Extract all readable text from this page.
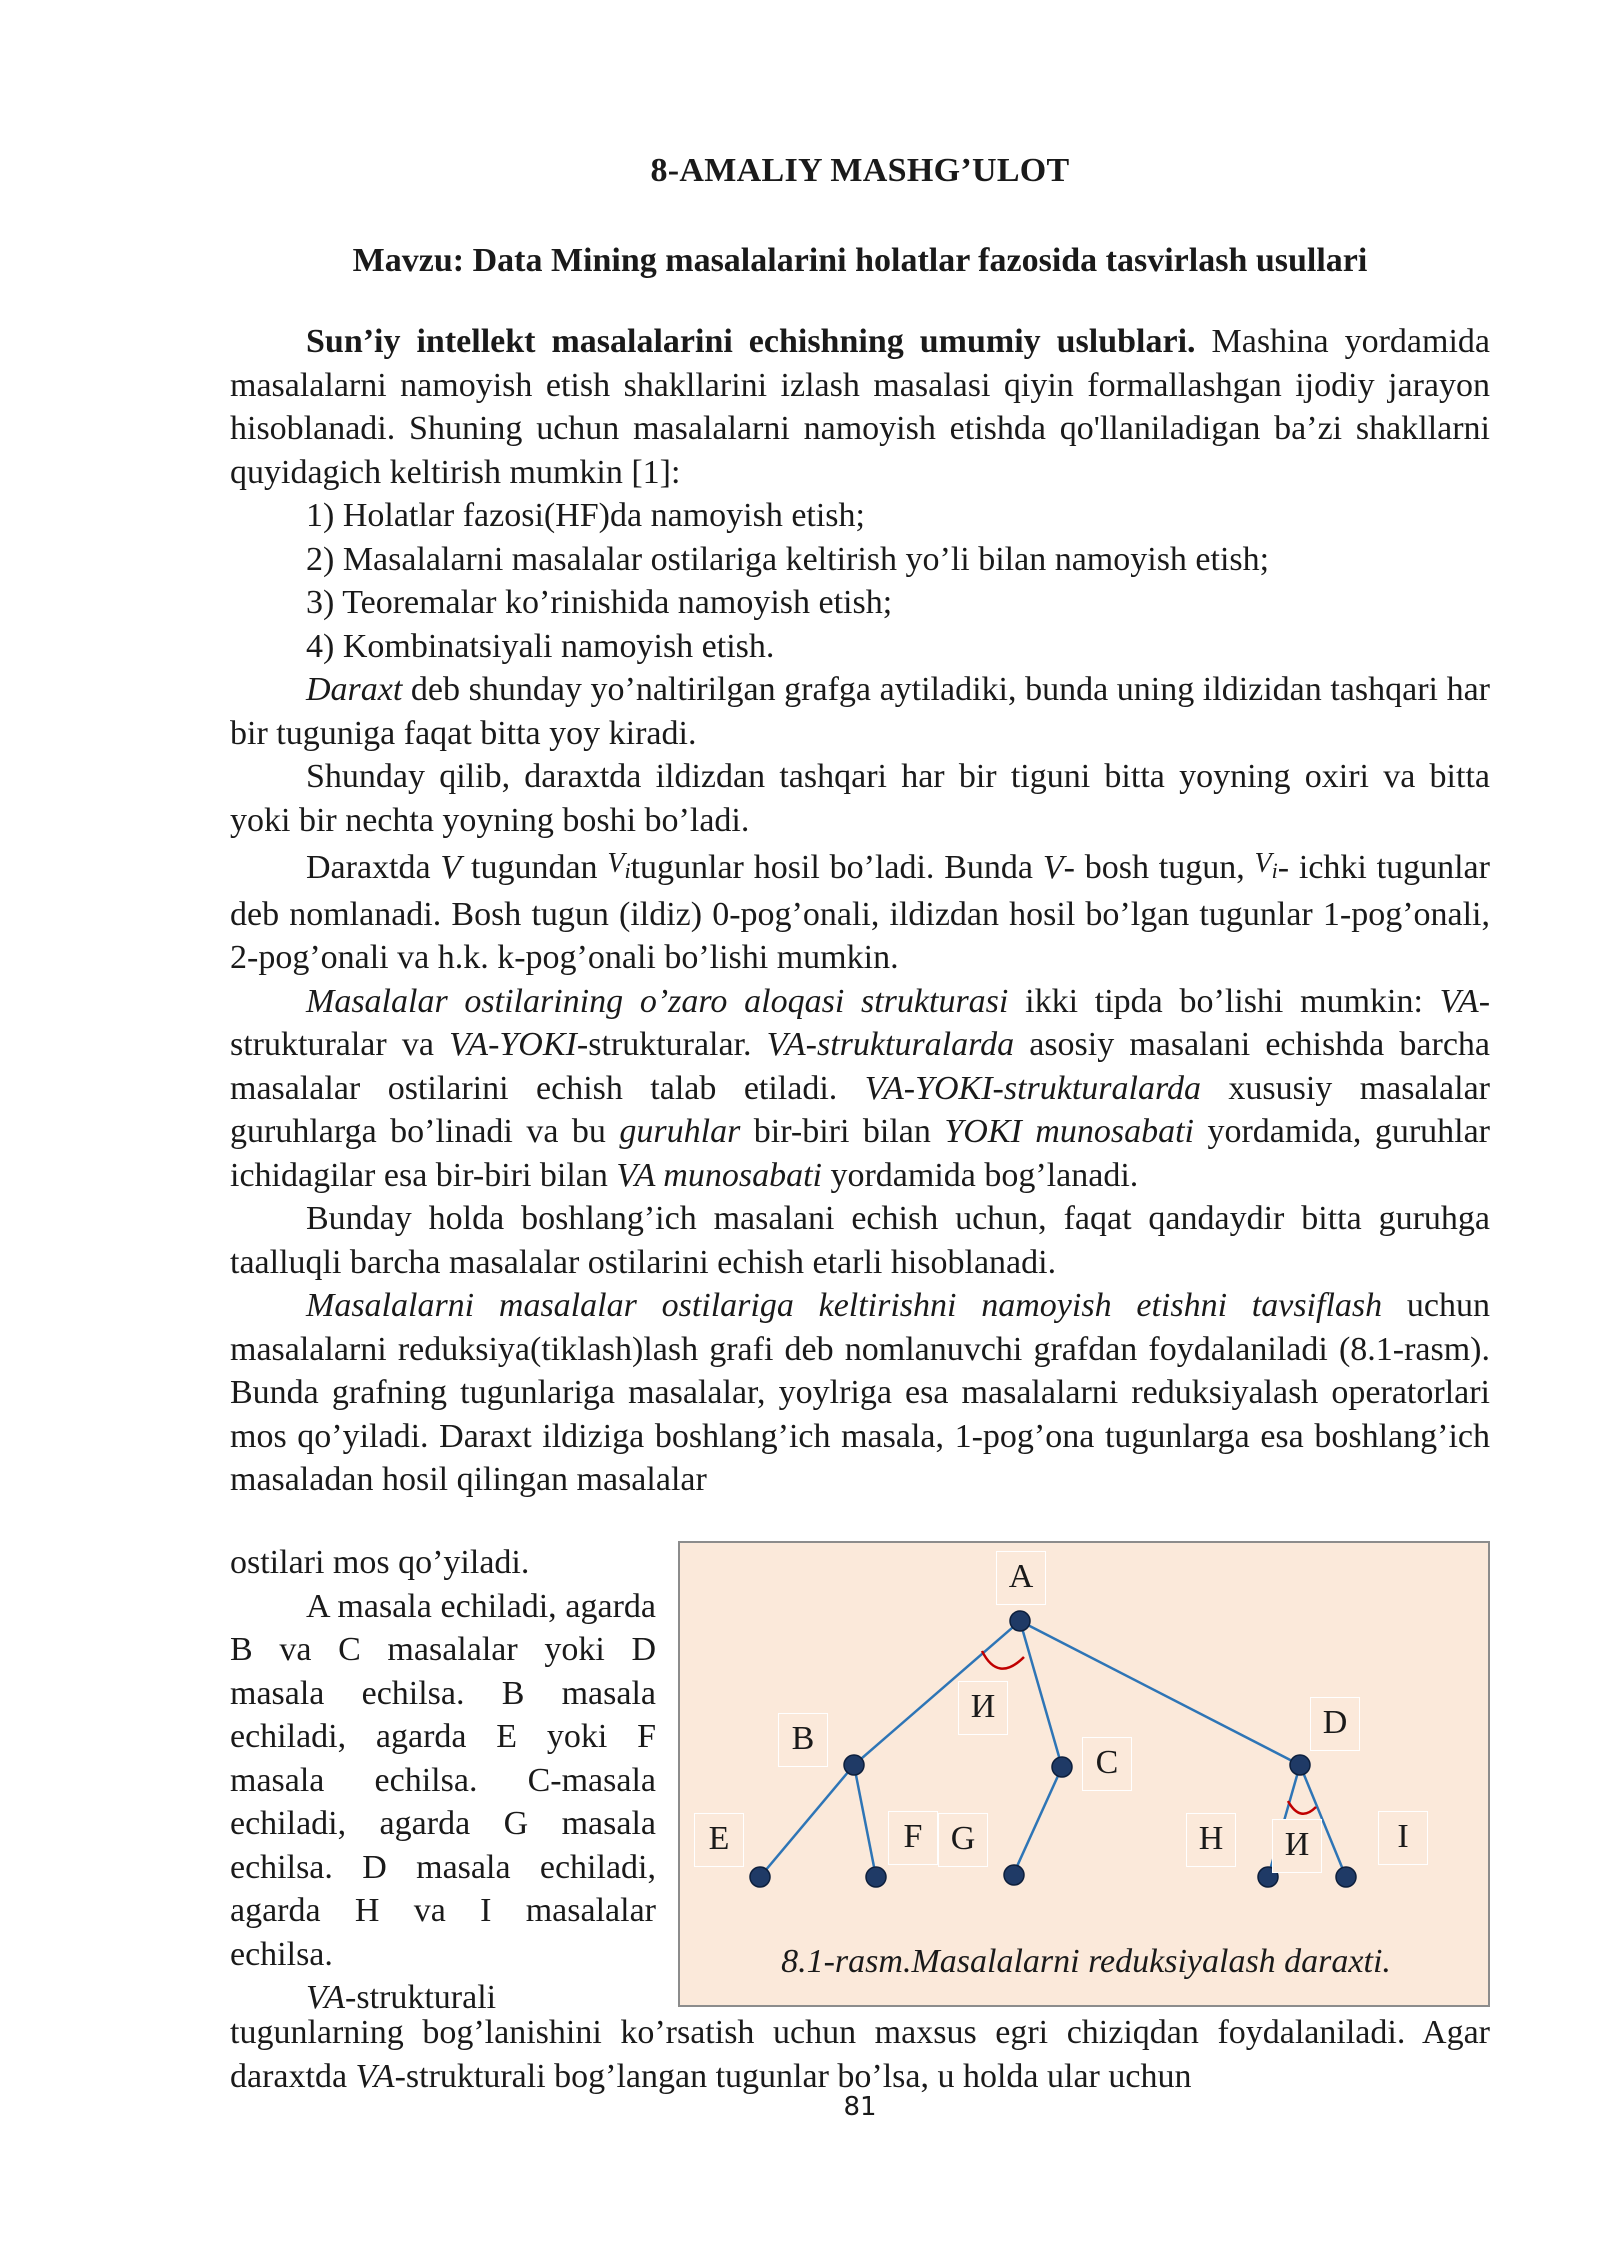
8-AMALIY MASHG’ULOT
Mavzu: Data Mining masalalarini holatlar fazosida tasvirlash usullari

Sun’iy intellekt masalalarini echishning umumiy uslublari. Mashina yordamida masalalarni namoyish etish shakllarini izlash masalasi qiyin formallashgan ijodiy jarayon hisoblanadi. Shuning uchun masalalarni namoyish etishda qo'llaniladigan ba’zi shakllarni quyidagich keltirish mumkin [1]:

1) Holatlar fazosi(HF)da namoyish etish;
2) Masalalarni masalalar ostilariga keltirish yo’li bilan namoyish etish;
3) Teoremalar ko’rinishida namoyish etish;
4) Kombinatsiyali namoyish etish.

Daraxt deb shunday yo’naltirilgan grafga aytiladiki, bunda uning ildizidan tashqari har bir tuguniga faqat bitta yoy kiradi.

Shunday qilib, daraxtda ildizdan tashqari har bir tiguni bitta yoyning oxiri va bitta yoki bir nechta yoyning boshi bo’ladi.

Daraxtda V tugundan $V_itugunlar$ hosil bo’ladi. Bunda V- bosh tugun, $V_i-$ ichki tugunlar deb nomlanadi. Bosh tugun (ildiz) 0-pog’onali, ildizdan hosil bo’lgan tugunlar 1-pog’onali, 2-pog’onali va h.k. k-pog’onali bo’lishi mumkin.

Masalalar ostilarining o’zaro aloqasi strukturasi ikki tipda bo’lishi mumkin: VA-strukturalar va VA-YOKI-strukturalar. VA-strukturalarda asosiy masalani echishda barcha masalalar ostilarini echish talab etiladi. VA-YOKI-strukturalarda xususiy masalalar guruhlarga bo’linadi va bu guruhlar bir-biri bilan YOKI munosabati yordamida, guruhlar ichidagilar esa bir-biri bilan VA munosabati yordamida bog’lanadi.

Bunday holda boshlang’ich masalani echish uchun, faqat qandaydir bitta guruhga taalluqli barcha masalalar ostilarini echish etarli hisoblanadi.

Masalalarni masalalar ostilariga keltirishni namoyish etishni tavsiflash uchun masalalarni reduksiya(tiklash)lash grafi deb nomlanuvchi grafdan foydalaniladi (8.1-rasm). Bunda grafning tugunlariga masalalar, yoylriga esa masalalarni reduksiyalash operatorlari mos qo’yiladi. Daraxt ildiziga boshlang’ich masala, 1-pog’ona tugunlarga esa boshlang’ich masaladan hosil qilingan masalalar

ostilari mos qo’yiladi.

A masala echiladi, agarda B va C masalalar yoki D masala echilsa. B masala echiladi, agarda E yoki F masala echilsa. C-masala echiladi, agarda G masala echilsa. D masala echiladi, agarda H va I masalalar echilsa.

VA-strukturali

A
B
C
D
E	F G	H	I
И
И
8.1-rasm.Masalalarni reduksiyalash daraxti.

tugunlarning bog’lanishini ko’rsatish uchun maxsus egri chiziqdan foydalaniladi. Agar daraxtda VA-strukturali bog’langan tugunlar bo’lsa, u holda ular uchun

81
